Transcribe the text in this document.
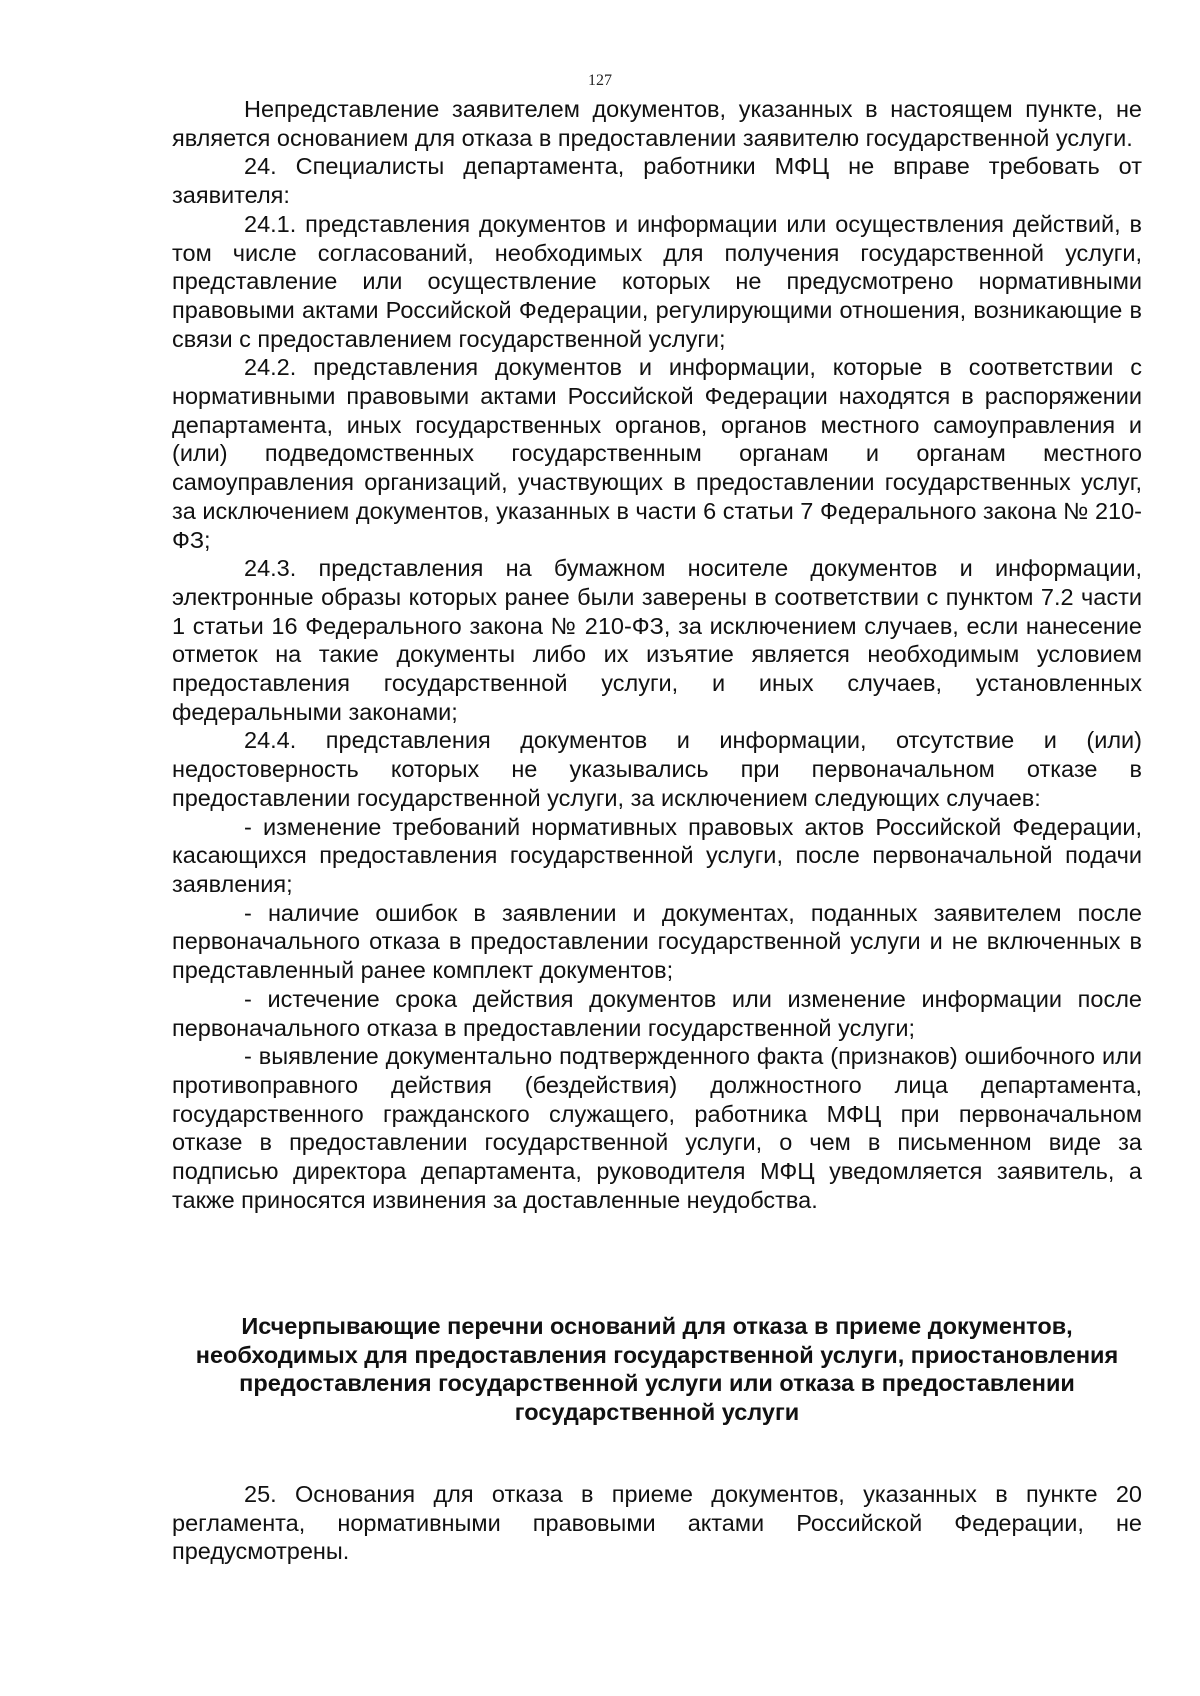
127

Непредставление заявителем документов, указанных в настоящем пункте, не является основанием для отказа в предоставлении заявителю государственной услуги.

24. Специалисты департамента, работники МФЦ не вправе требовать от заявителя:

24.1. представления документов и информации или осуществления действий, в том числе согласований, необходимых для получения государственной услуги, представление или осуществление которых не предусмотрено нормативными правовыми актами Российской Федерации, регулирующими отношения, возникающие в связи с предоставлением государственной услуги;

24.2. представления документов и информации, которые в соответствии с нормативными правовыми актами Российской Федерации находятся в распоряжении департамента, иных государственных органов, органов местного самоуправления и (или) подведомственных государственным органам и органам местного самоуправления организаций, участвующих в предоставлении государственных услуг, за исключением документов, указанных в части 6 статьи 7 Федерального закона № 210-ФЗ;

24.3. представления на бумажном носителе документов и информации, электронные образы которых ранее были заверены в соответствии с пунктом 7.2 части 1 статьи 16 Федерального закона № 210-ФЗ, за исключением случаев, если нанесение отметок на такие документы либо их изъятие является необходимым условием предоставления государственной услуги, и иных случаев, установленных федеральными законами;

24.4. представления документов и информации, отсутствие и (или) недостоверность которых не указывались при первоначальном отказе в предоставлении государственной услуги, за исключением следующих случаев:

- изменение требований нормативных правовых актов Российской Федерации, касающихся предоставления государственной услуги, после первоначальной подачи заявления;

- наличие ошибок в заявлении и документах, поданных заявителем после первоначального отказа в предоставлении государственной услуги и не включенных в представленный ранее комплект документов;

- истечение срока действия документов или изменение информации после первоначального отказа в предоставлении государственной услуги;

- выявление документально подтвержденного факта (признаков) ошибочного или противоправного действия (бездействия) должностного лица департамента, государственного гражданского служащего, работника МФЦ при первоначальном отказе в предоставлении государственной услуги, о чем в письменном виде за подписью директора департамента, руководителя МФЦ уведомляется заявитель, а также приносятся извинения за доставленные неудобства.

Исчерпывающие перечни оснований для отказа в приеме документов, необходимых для предоставления государственной услуги, приостановления предоставления государственной услуги или отказа в предоставлении государственной услуги

25. Основания для отказа в приеме документов, указанных в пункте 20 регламента, нормативными правовыми актами Российской Федерации, не предусмотрены.
